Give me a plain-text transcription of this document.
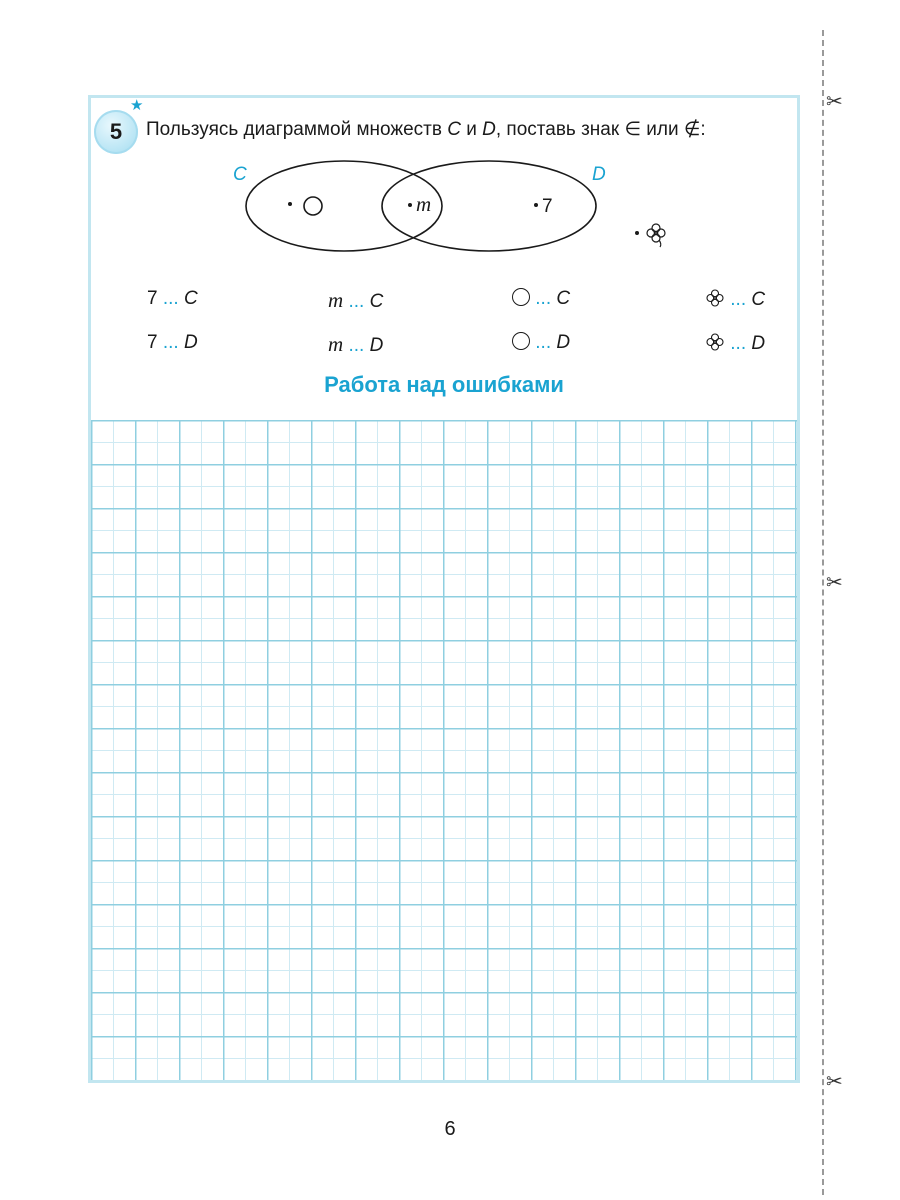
✂
✂
✂
5
★
Пользуясь диаграммой множеств C и D, поставь знак ∈ или ∉:
C	D
m	7
7 ... C	m ... C	... C	... C
7 ... D	m ... D	... D	... D
Работа над ошибками
6
